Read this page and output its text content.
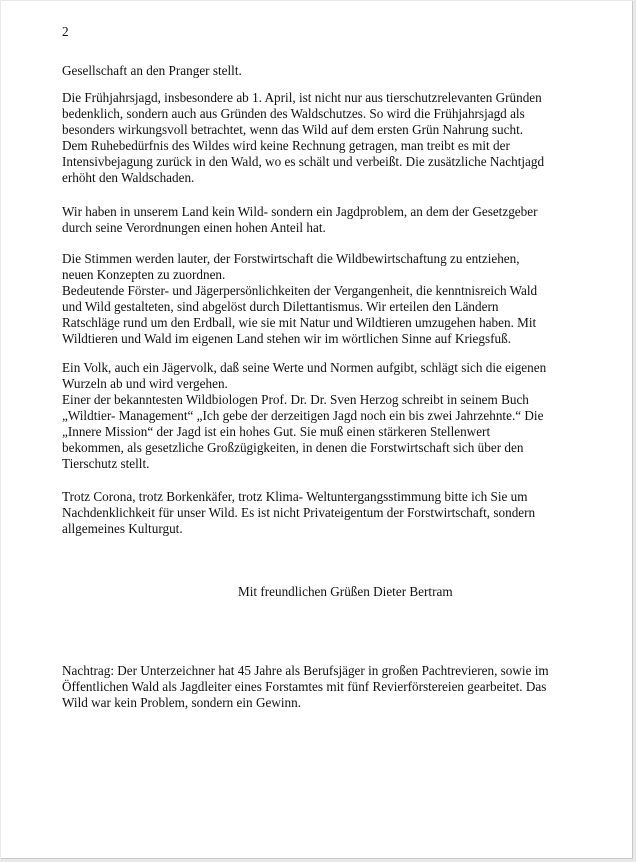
2
Gesellschaft an den Pranger stellt.
Die Frühjahrsjagd, insbesondere ab 1. April, ist nicht nur aus tierschutzrelevanten Gründen
bedenklich, sondern auch aus Gründen des Waldschutzes. So wird die Frühjahrsjagd als
besonders wirkungsvoll betrachtet, wenn das Wild auf dem ersten Grün Nahrung sucht.
Dem Ruhebedürfnis des Wildes wird keine Rechnung getragen, man treibt es mit der
Intensivbejagung zurück in den Wald, wo es schält und verbeißt. Die zusätzliche Nachtjagd
erhöht den Waldschaden.
Wir haben in unserem Land kein Wild- sondern ein Jagdproblem, an dem der Gesetzgeber
durch seine Verordnungen einen hohen Anteil hat.
Die Stimmen werden lauter, der Forstwirtschaft die Wildbewirtschaftung zu entziehen,
neuen Konzepten zu zuordnen.
Bedeutende Förster- und Jägerpersönlichkeiten der Vergangenheit, die kenntnisreich Wald
und Wild gestalteten, sind abgelöst durch Dilettantismus. Wir erteilen den Ländern
Ratschläge rund um den Erdball, wie sie mit Natur und Wildtieren umzugehen haben. Mit
Wildtieren und Wald im eigenen Land stehen wir im wörtlichen Sinne auf Kriegsfuß.
Ein Volk, auch ein Jägervolk, daß seine Werte und Normen aufgibt, schlägt sich die eigenen
Wurzeln ab und wird vergehen.
Einer der bekanntesten Wildbiologen Prof. Dr. Dr. Sven Herzog schreibt in seinem Buch
„Wildtier- Management“ „Ich gebe der derzeitigen Jagd noch ein bis zwei Jahrzehnte.“ Die
„Innere Mission“ der Jagd ist ein hohes Gut. Sie muß einen stärkeren Stellenwert
bekommen, als gesetzliche Großzügigkeiten, in denen die Forstwirtschaft sich über den
Tierschutz stellt.
Trotz Corona, trotz Borkenkäfer, trotz Klima- Weltuntergangsstimmung bitte ich Sie um
Nachdenklichkeit für unser Wild. Es ist nicht Privateigentum der Forstwirtschaft, sondern
allgemeines Kulturgut.
Mit freundlichen Grüßen Dieter Bertram
Nachtrag: Der Unterzeichner hat 45 Jahre als Berufsjäger in großen Pachtrevieren, sowie im
Öffentlichen Wald als Jagdleiter eines Forstamtes mit fünf Revierförstereien gearbeitet. Das
Wild war kein Problem, sondern ein Gewinn.
